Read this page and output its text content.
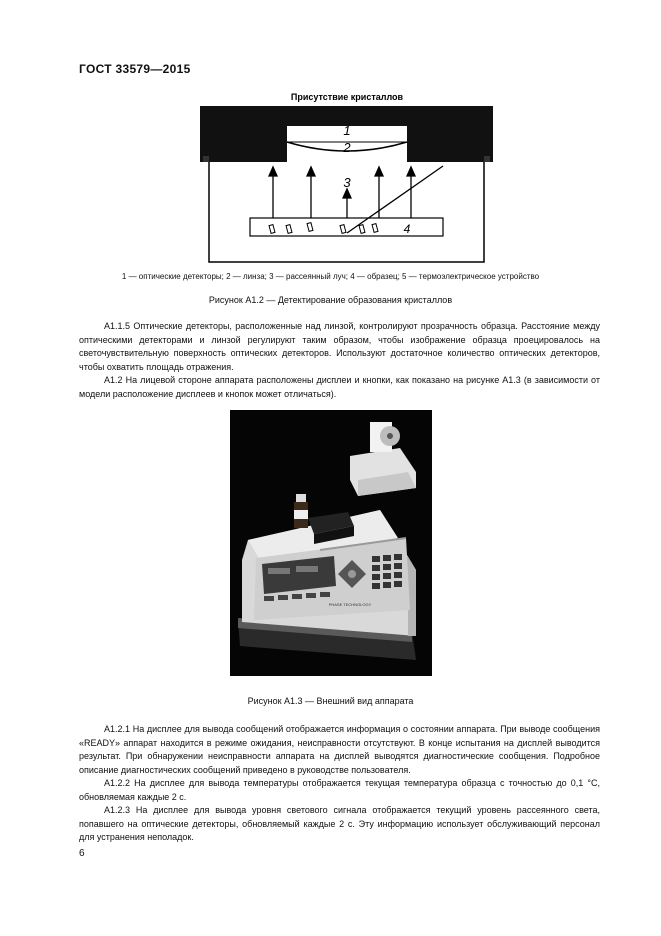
ГОСТ 33579—2015
Присутствие кристаллов
1
2
3
4
1 — оптические детекторы; 2 — линза; 3 — рассеянный луч; 4 — образец; 5 — термоэлектрическое устройство
Рисунок А1.2 — Детектирование образования кристаллов

А1.1.5 Оптические детекторы, расположенные над линзой, контролируют прозрачность образца. Расстояние между оптическими детекторами и линзой регулируют таким образом, чтобы изображение образца проецировалось на светочувствительную поверхность оптических детекторов. Используют достаточное количество оптических детекторов, чтобы охватить площадь отражения.

А1.2 На лицевой стороне аппарата расположены дисплеи и кнопки, как показано на рисунке А1.3 (в зависимости от модели расположение дисплеев и кнопок может отличаться).

PHASE TECHNOLOGY
Рисунок А1.3 — Внешний вид аппарата

А1.2.1 На дисплее для вывода сообщений отображается информация о состоянии аппарата. При выводе сообщения «READY» аппарат находится в режиме ожидания, неисправности отсутствуют. В конце испытания на дисплей выводится результат. При обнаружении неисправности аппарата на дисплей выводятся диагностические сообщения. Подробное описание диагностических сообщений приведено в руководстве пользователя.

А1.2.2 На дисплее для вывода температуры отображается текущая температура образца с точностью до 0,1 °С, обновляемая каждые 2 с.

А1.2.3 На дисплее для вывода уровня светового сигнала отображается текущий уровень рассеянного света, попавшего на оптические детекторы, обновляемый каждые 2 с. Эту информацию использует обслуживающий персонал для устранения неполадок.

6
